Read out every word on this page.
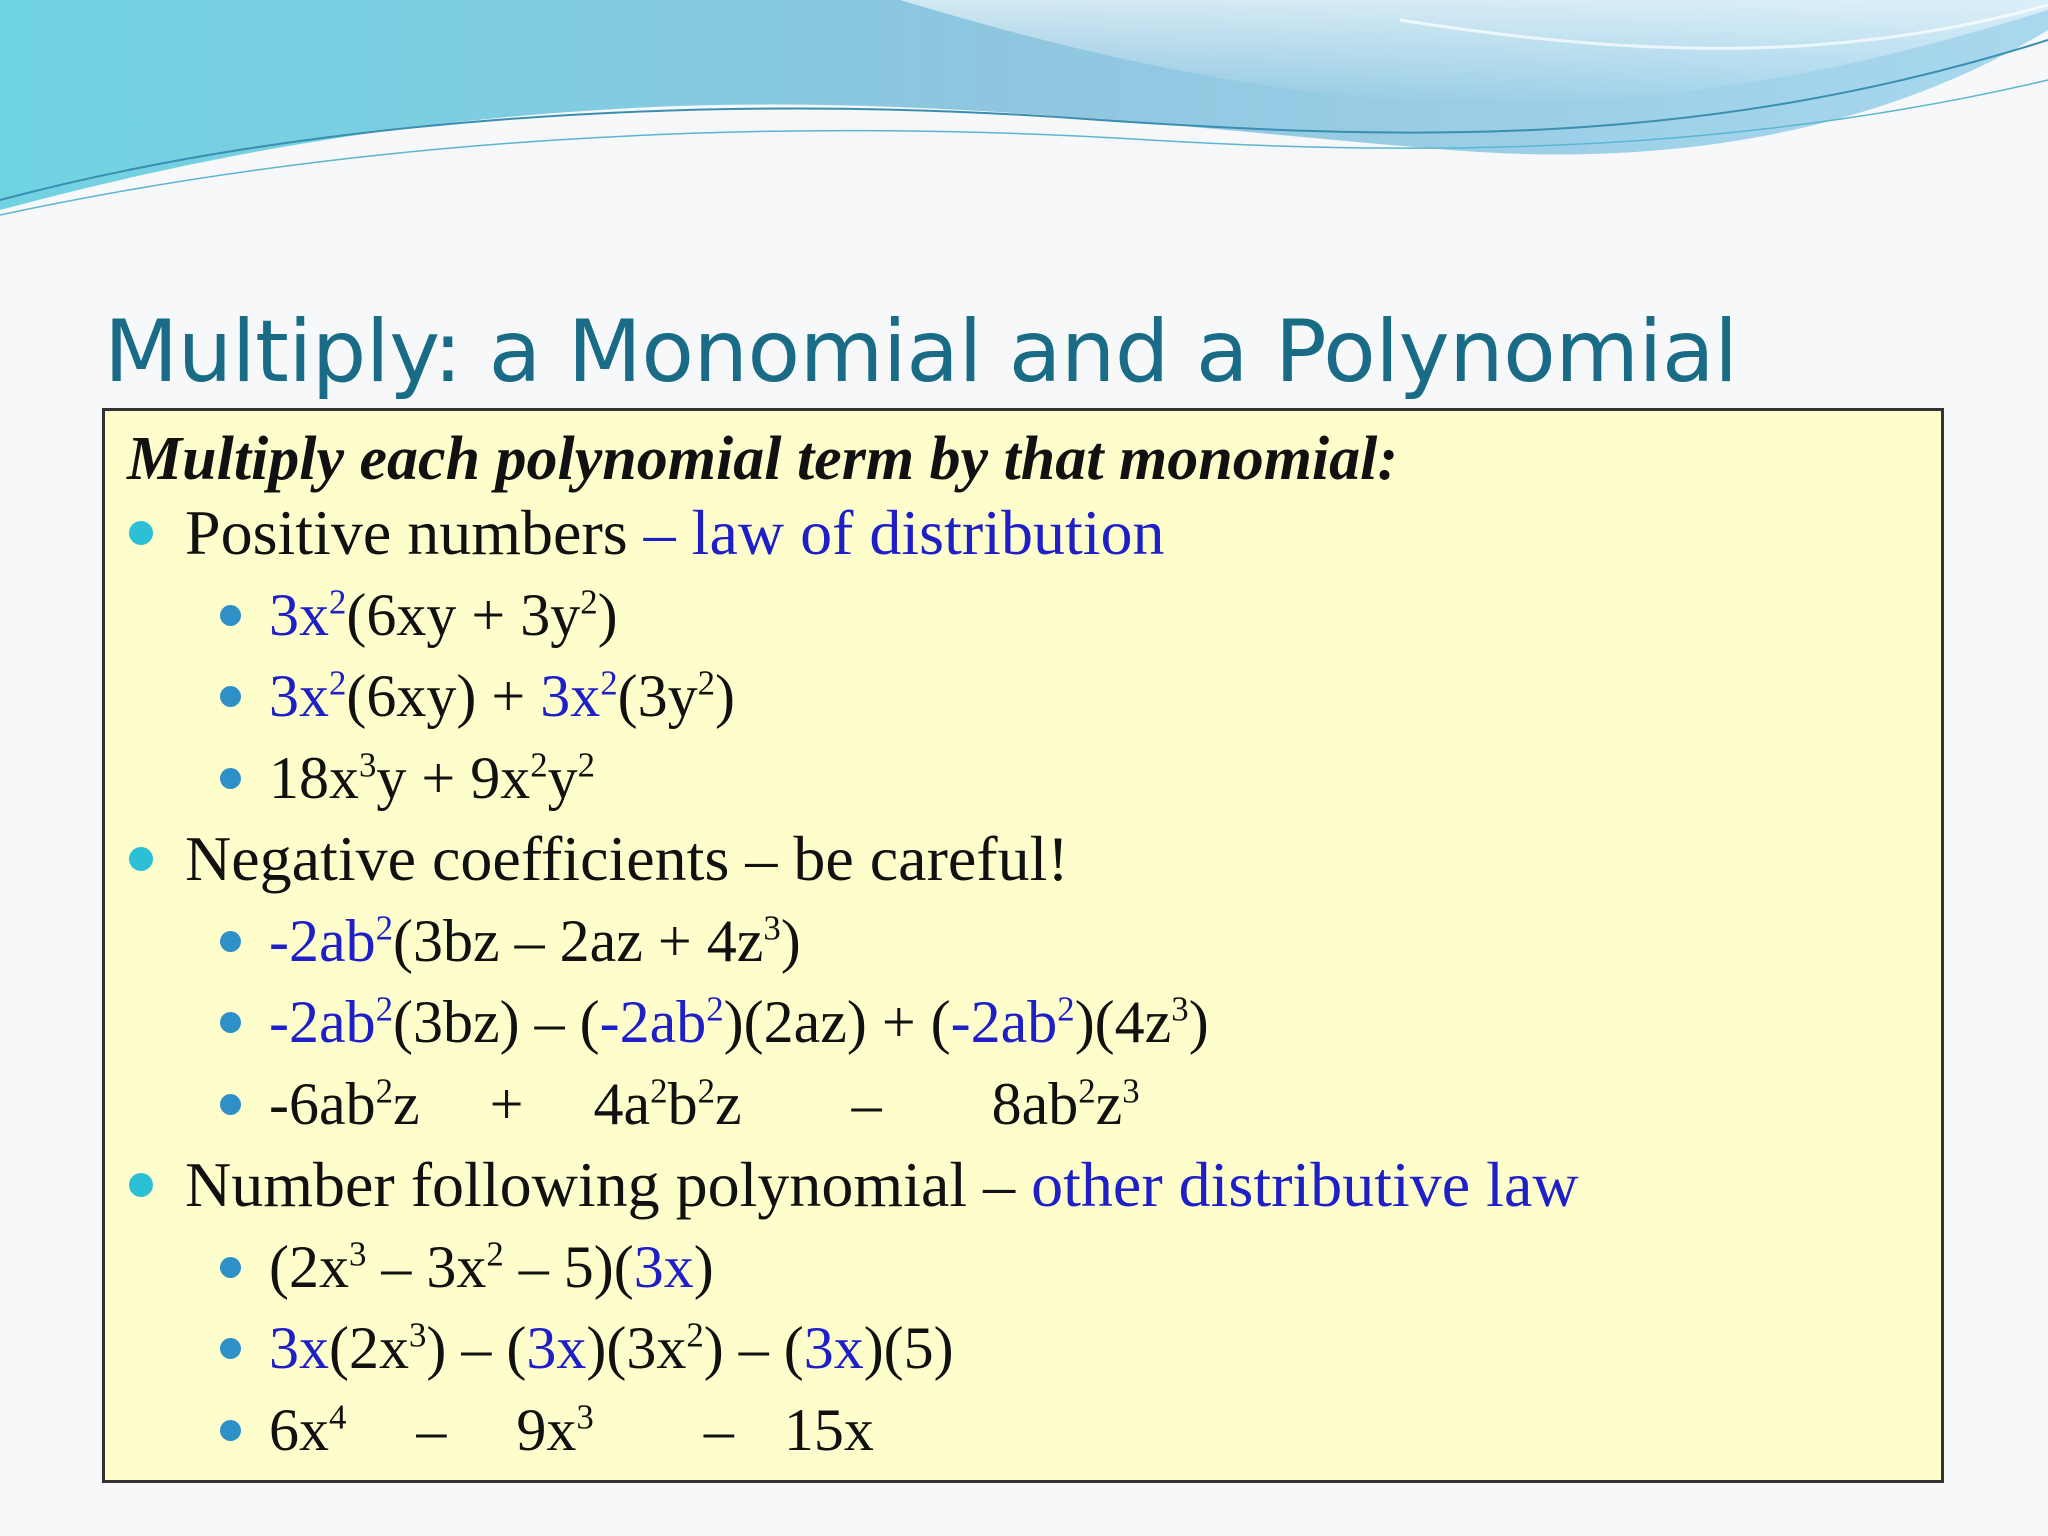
Multiply: a Monomial and a Polynomial
Multiply each polynomial term by that monomial:
Positive numbers – law of distribution
$3x^2(6xy + 3y^2)$
$3x^2(6xy) + 3x^2(3y^2)$
$18x^3y + 9x^2y^2$
Negative coefficients – be careful!
$-2ab^2(3bz - 2az + 4z^3)$
$-2ab^2(3bz) - (-2ab^2)(2az) + (-2ab^2)(4z^3)$
$-6ab^2z + 4a^2b^2z - 8ab^2z^3$
Number following polynomial – other distributive law
$(2x^3 - 3x^2 - 5)(3x)$
$3x(2x^3) - (3x)(3x^2) - (3x)(5)$
$6x^4 - 9x^3 - 15x$
